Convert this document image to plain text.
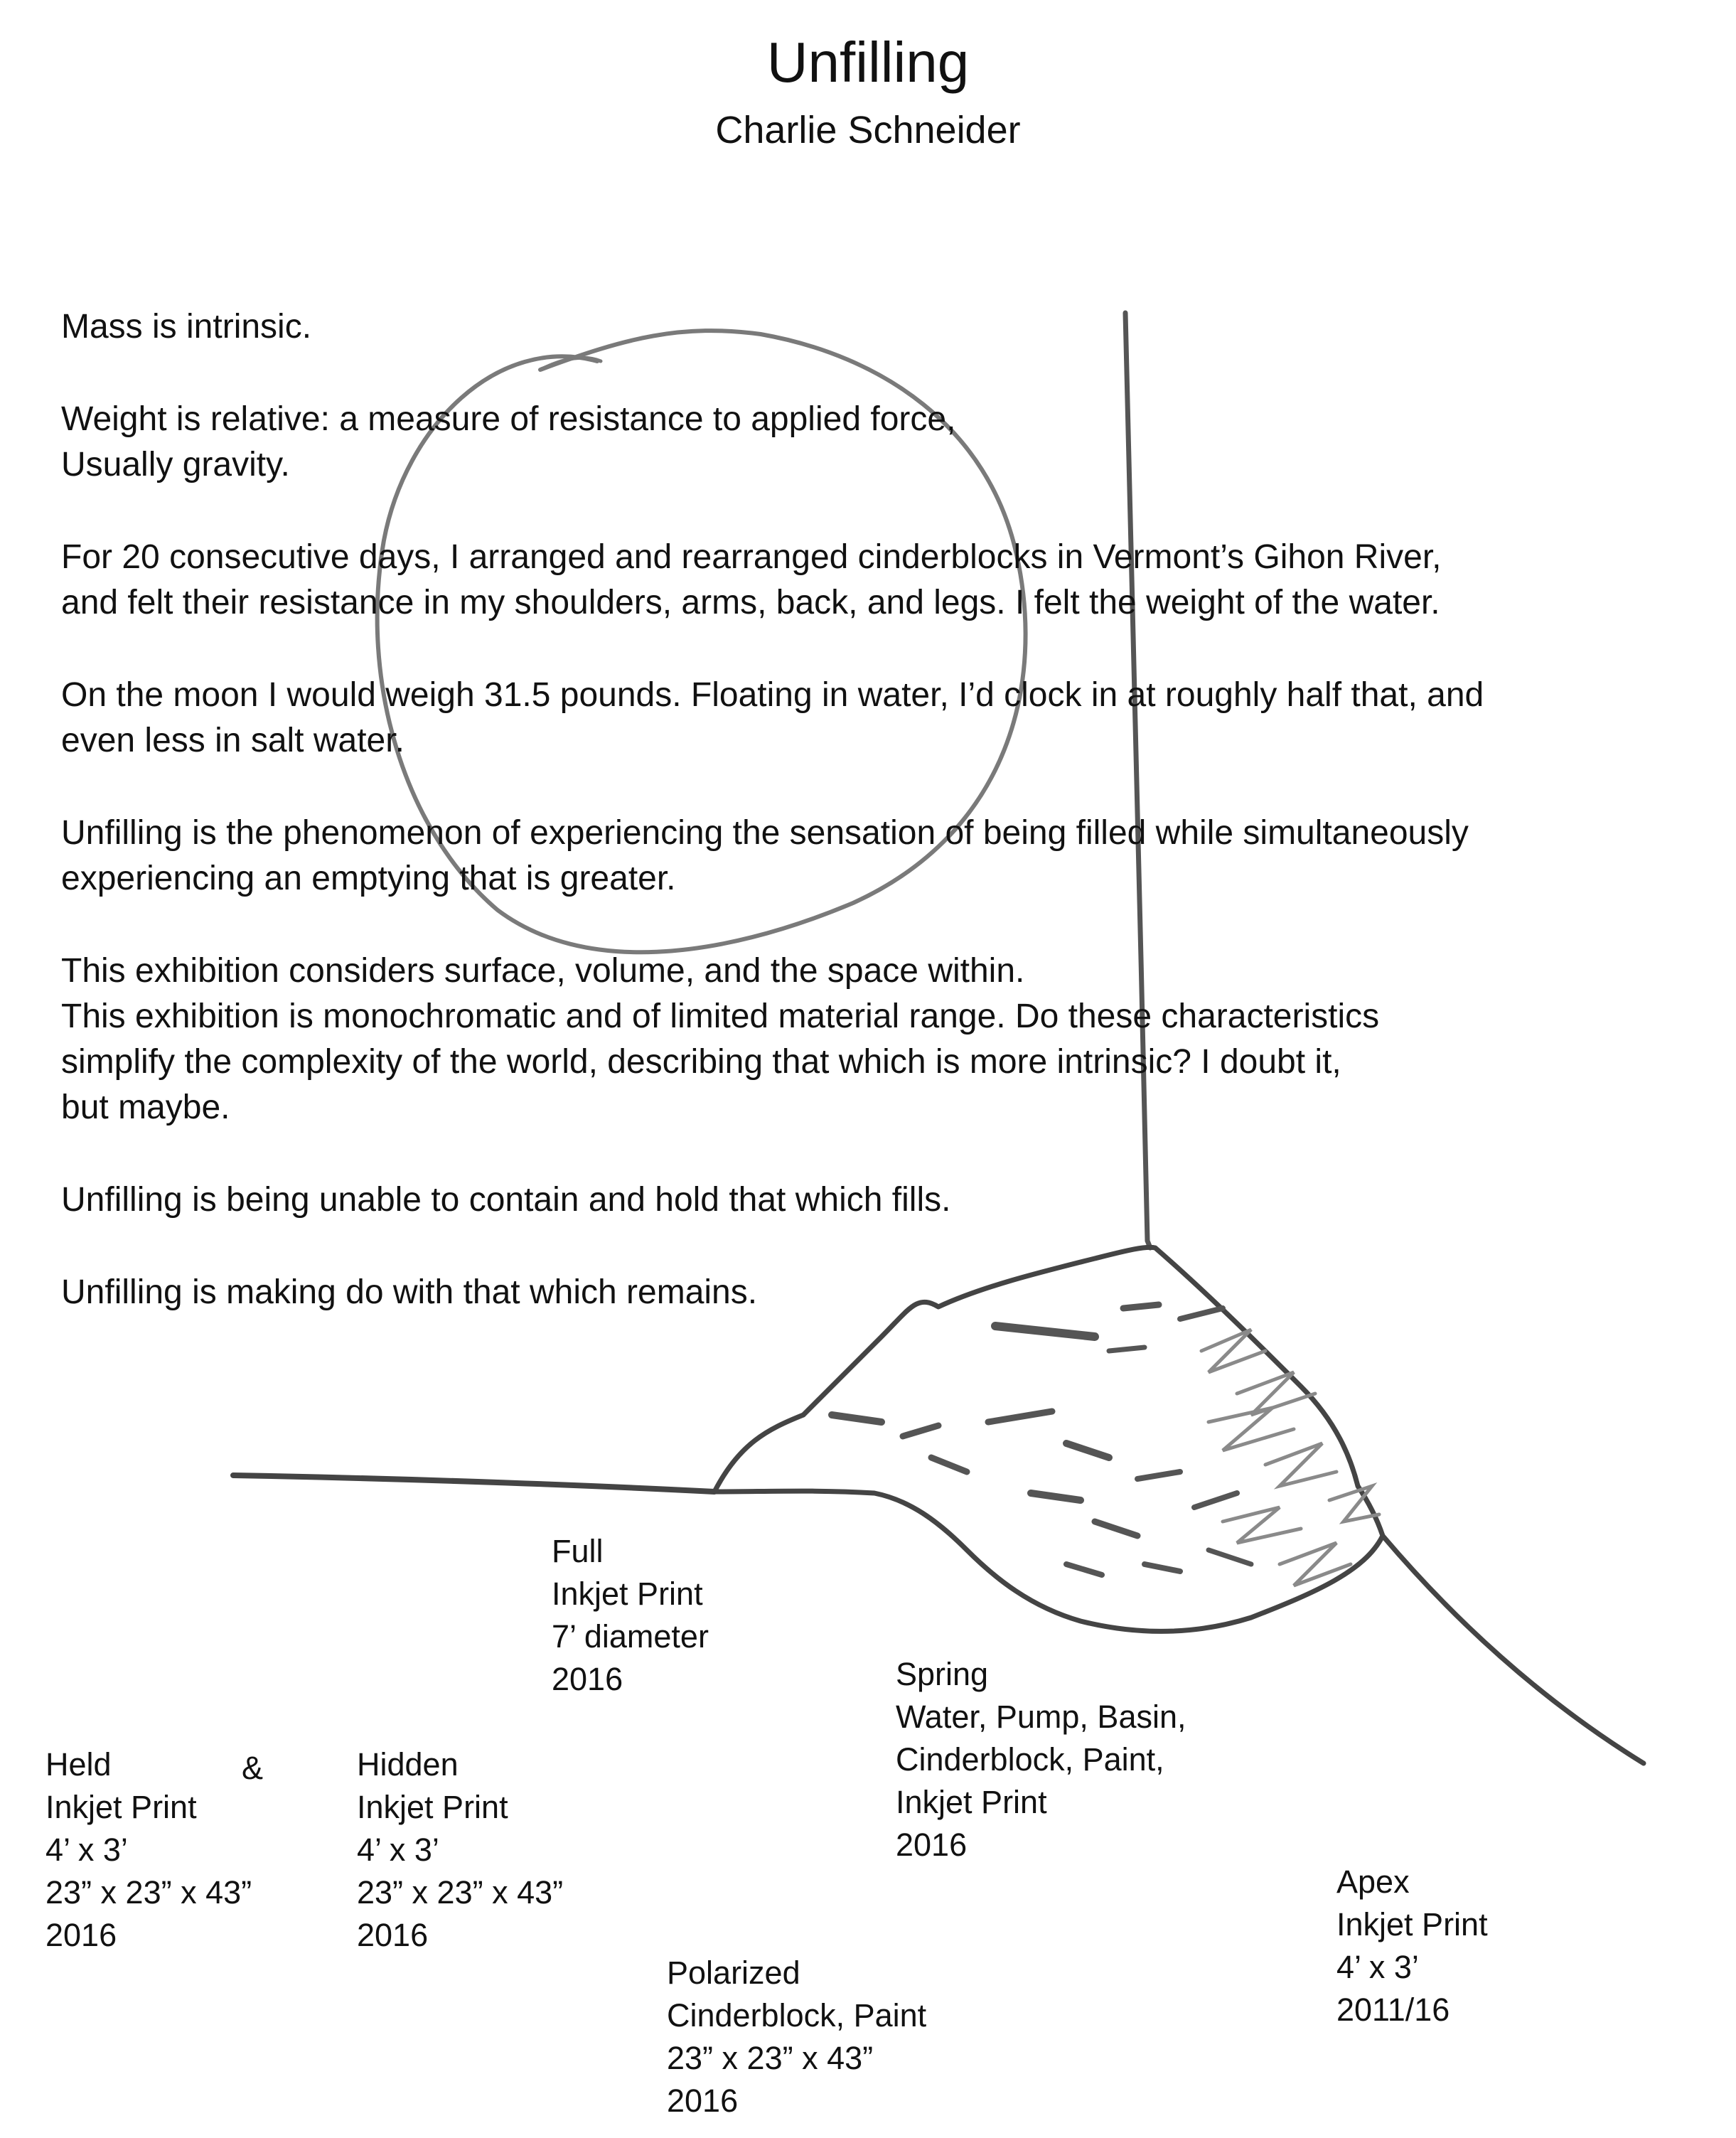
Unfilling
Charlie Schneider

Mass is intrinsic.

Weight is relative: a measure of resistance to applied force,
Usually gravity.

For 20 consecutive days, I arranged and rearranged cinderblocks in Vermont’s Gihon River,
and felt their resistance in my shoulders, arms, back, and legs. I felt the weight of the water.

On the moon I would weigh 31.5 pounds. Floating in water, I’d clock in at roughly half that, and
even less in salt water.

Unfilling is the phenomenon of experiencing the sensation of being filled while simultaneously
experiencing an emptying that is greater.

This exhibition considers surface, volume, and the space within.
This exhibition is monochromatic and of limited material range. Do these characteristics
simplify the complexity of the world, describing that which is more intrinsic? I doubt it,
but maybe.

Unfilling is being unable to contain and hold that which fills.

Unfilling is making do with that which remains.

Full
Inkjet Print
7’ diameter
2016	Spring
Water, Pump, Basin,
Cinderblock, Paint,
Inkjet Print
2016
Held
Inkjet Print
4’ x 3’
23” x 23” x 43”
2016
&	Hidden
Inkjet Print
4’ x 3’
23” x 23” x 43”
2016
Apex
Inkjet Print
4’ x 3’
2011/16
Polarized
Cinderblock, Paint
23” x 23” x 43”
2016
